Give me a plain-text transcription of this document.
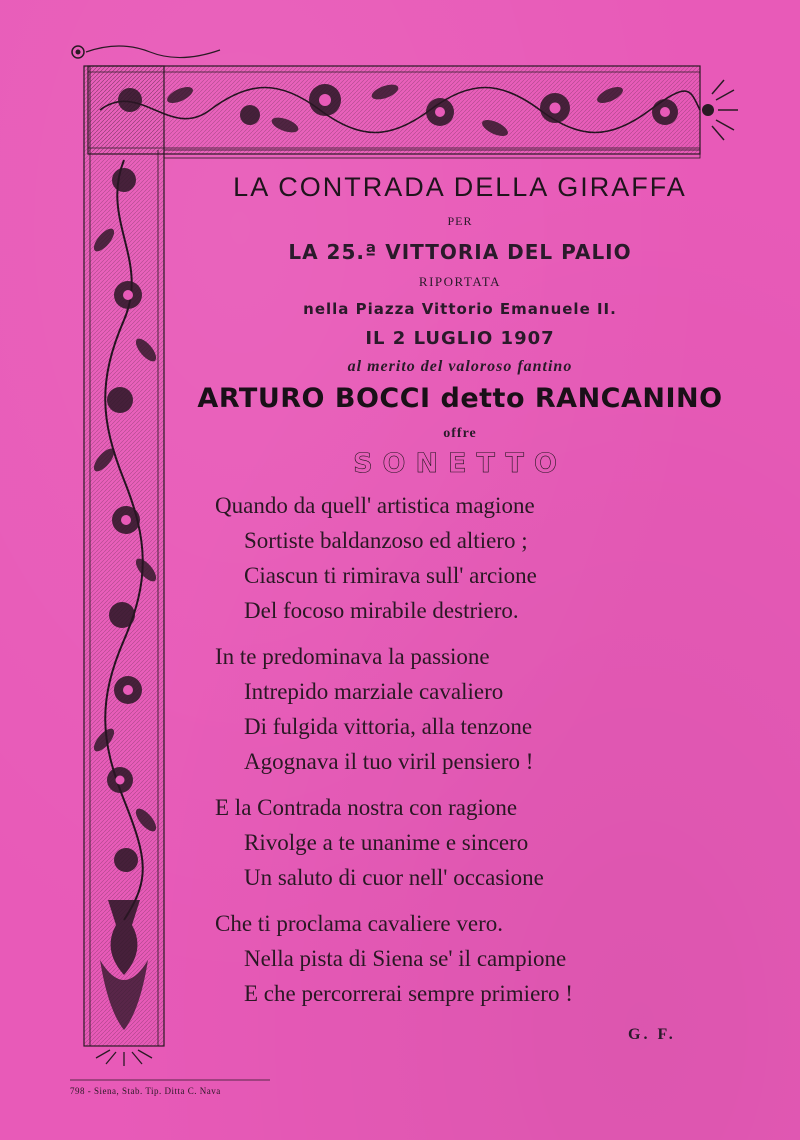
LA CONTRADA DELLA GIRAFFA
PER
LA 25.ª VITTORIA DEL PALIO
RIPORTATA
nella Piazza Vittorio Emanuele II.
IL 2 LUGLIO 1907
al merito del valoroso fantino
ARTURO BOCCI detto RANCANINO
offre
SONETTO
Quando da quell' artistica magione
Sortiste baldanzoso ed altiero ;
Ciascun ti rimirava sull' arcione
Del focoso mirabile destriero.
In te predominava la passione
Intrepido marziale cavaliero
Di fulgida vittoria, alla tenzone
Agognava il tuo viril pensiero !
E la Contrada nostra con ragione
Rivolge a te unanime e sincero
Un saluto di cuor nell' occasione
Che ti proclama cavaliere vero.
Nella pista di Siena se' il campione
E che percorrerai sempre primiero !
G. F.
798 - Siena, Stab. Tip. Ditta C. Nava
